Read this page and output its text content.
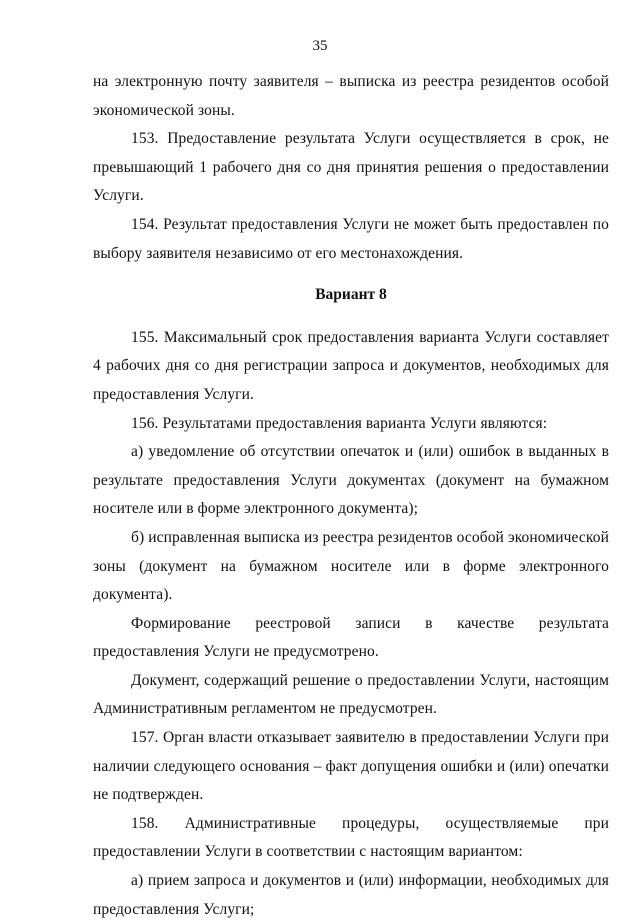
35

на электронную почту заявителя – выписка из реестра резидентов особой экономической зоны.

153. Предоставление результата Услуги осуществляется в срок, не превышающий 1 рабочего дня со дня принятия решения о предоставлении Услуги.

154. Результат предоставления Услуги не может быть предоставлен по выбору заявителя независимо от его местонахождения.

Вариант 8

155. Максимальный срок предоставления варианта Услуги составляет 4 рабочих дня со дня регистрации запроса и документов, необходимых для предоставления Услуги.

156. Результатами предоставления варианта Услуги являются:

а) уведомление об отсутствии опечаток и (или) ошибок в выданных в результате предоставления Услуги документах (документ на бумажном носителе или в форме электронного документа);

б) исправленная выписка из реестра резидентов особой экономической зоны (документ на бумажном носителе или в форме электронного документа).

Формирование реестровой записи в качестве результата предоставления Услуги не предусмотрено.

Документ, содержащий решение о предоставлении Услуги, настоящим Административным регламентом не предусмотрен.

157. Орган власти отказывает заявителю в предоставлении Услуги при наличии следующего основания – факт допущения ошибки и (или) опечатки не подтвержден.

158. Административные процедуры, осуществляемые при предоставлении Услуги в соответствии с настоящим вариантом:

а) прием запроса и документов и (или) информации, необходимых для предоставления Услуги;
